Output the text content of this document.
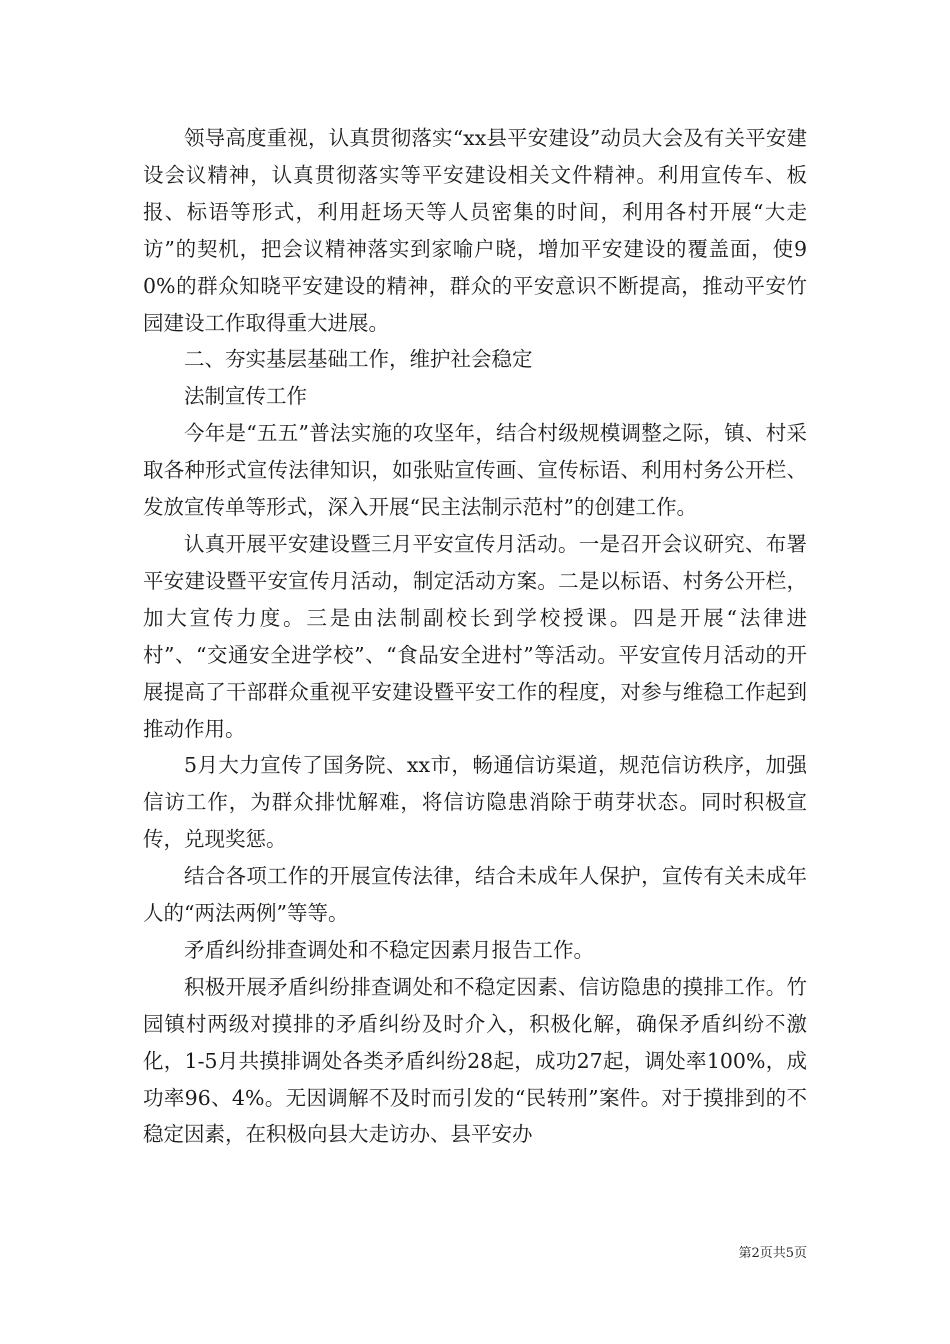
领导高度重视，认真贯彻落实“xx县平安建设”动员大会及有关平安建设会议精神，认真贯彻落实等平安建设相关文件精神。利用宣传车、板报、标语等形式，利用赶场天等人员密集的时间，利用各村开展“大走访”的契机，把会议精神落实到家喻户晓，增加平安建设的覆盖面，使90%的群众知晓平安建设的精神，群众的平安意识不断提高，推动平安竹园建设工作取得重大进展。

二、夯实基层基础工作，维护社会稳定

法制宣传工作

今年是“五五”普法实施的攻坚年，结合村级规模调整之际，镇、村采取各种形式宣传法律知识，如张贴宣传画、宣传标语、利用村务公开栏、发放宣传单等形式，深入开展“民主法制示范村”的创建工作。

认真开展平安建设暨三月平安宣传月活动。一是召开会议研究、布署平安建设暨平安宣传月活动，制定活动方案。二是以标语、村务公开栏，加大宣传力度。三是由法制副校长到学校授课。四是开展“法律进村”、“交通安全进学校”、“食品安全进村”等活动。平安宣传月活动的开展提高了干部群众重视平安建设暨平安工作的程度，对参与维稳工作起到推动作用。

5月大力宣传了国务院、xx市，畅通信访渠道，规范信访秩序，加强信访工作，为群众排忧解难，将信访隐患消除于萌芽状态。同时积极宣传，兑现奖惩。

结合各项工作的开展宣传法律，结合未成年人保护，宣传有关未成年人的“两法两例”等等。

矛盾纠纷排查调处和不稳定因素月报告工作。

积极开展矛盾纠纷排查调处和不稳定因素、信访隐患的摸排工作。竹园镇村两级对摸排的矛盾纠纷及时介入，积极化解，确保矛盾纠纷不激化，1-5月共摸排调处各类矛盾纠纷28起，成功27起，调处率100%，成功率96、4%。无因调解不及时而引发的“民转刑”案件。对于摸排到的不稳定因素，在积极向县大走访办、县平安办

第2页共5页
